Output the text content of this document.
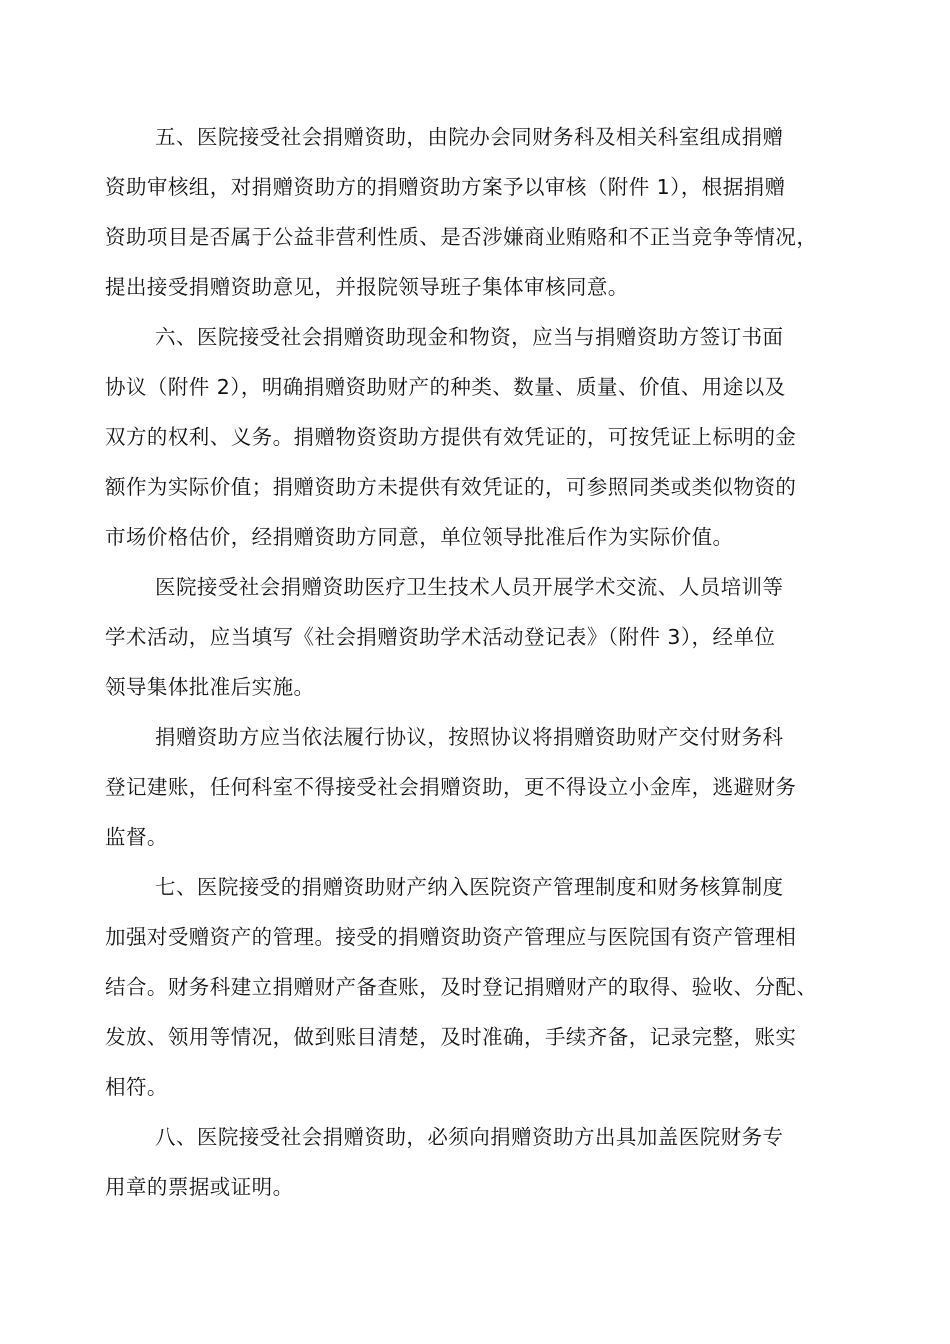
五、医院接受社会捐赠资助，由院办会同财务科及相关科室组成捐赠
资助审核组，对捐赠资助方的捐赠资助方案予以审核（附件 1），根据捐赠
资助项目是否属于公益非营利性质、是否涉嫌商业贿赂和不正当竞争等情况，
提出接受捐赠资助意见，并报院领导班子集体审核同意。
六、医院接受社会捐赠资助现金和物资，应当与捐赠资助方签订书面
协议（附件 2），明确捐赠资助财产的种类、数量、质量、价值、用途以及
双方的权利、义务。捐赠物资资助方提供有效凭证的，可按凭证上标明的金
额作为实际价值；捐赠资助方未提供有效凭证的，可参照同类或类似物资的
市场价格估价，经捐赠资助方同意，单位领导批准后作为实际价值。
医院接受社会捐赠资助医疗卫生技术人员开展学术交流、人员培训等
学术活动，应当填写《社会捐赠资助学术活动登记表》（附件 3），经单位
领导集体批准后实施。
捐赠资助方应当依法履行协议，按照协议将捐赠资助财产交付财务科
登记建账，任何科室不得接受社会捐赠资助，更不得设立小金库，逃避财务
监督。
七、医院接受的捐赠资助财产纳入医院资产管理制度和财务核算制度
加强对受赠资产的管理。接受的捐赠资助资产管理应与医院国有资产管理相
结合。财务科建立捐赠财产备查账，及时登记捐赠财产的取得、验收、分配、
发放、领用等情况，做到账目清楚，及时准确，手续齐备，记录完整，账实
相符。
八、医院接受社会捐赠资助，必须向捐赠资助方出具加盖医院财务专
用章的票据或证明。
